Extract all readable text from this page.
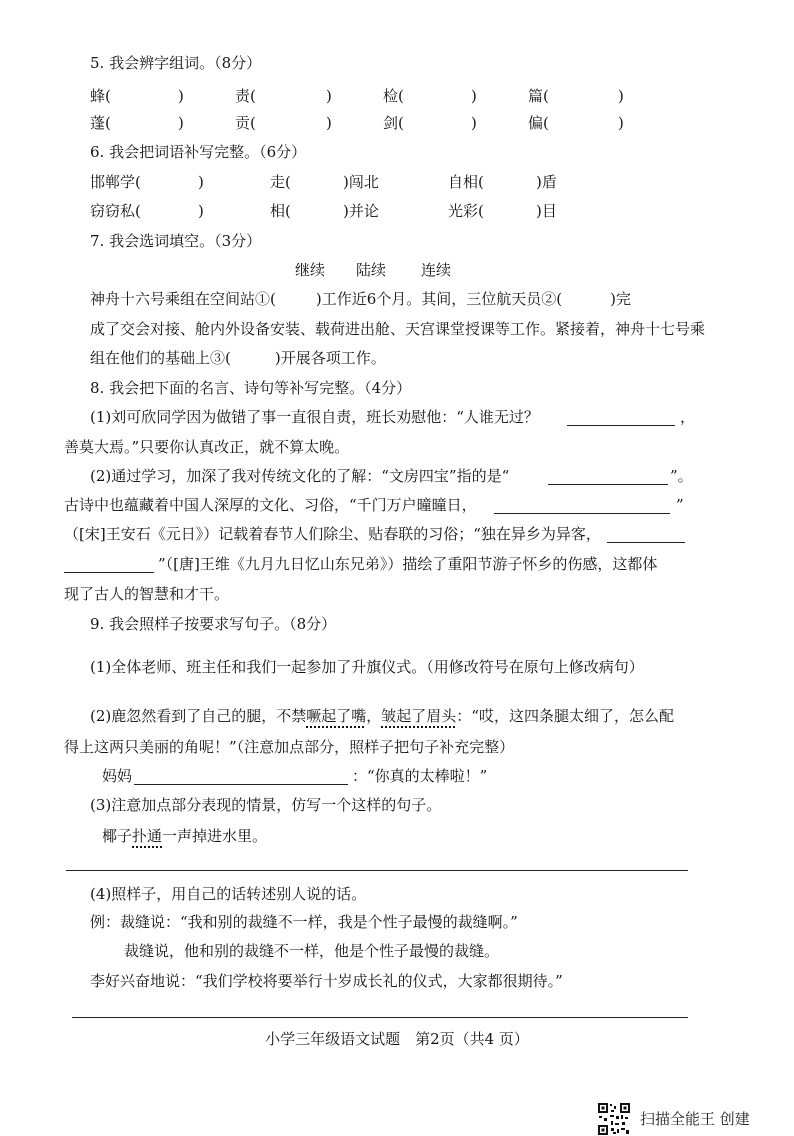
5. 我会辨字组词。（8分）
蜂(	)	责(	)	检(	)	篇(	)
蓬(	)	贡(	)	剑(	)	偏(	)
6. 我会把词语补写完整。（6分）
邯郸学(	)	走(	)闯北	自相(	)盾
窃窃私(	)	相(	)并论	光彩(	)目
7. 我会选词填空。（3分）
继续 陆续 连续
神舟十六号乘组在空间站①(	)工作近6个月。其间，三位航天员②(	)完
成了交会对接、舱内外设备安装、载荷进出舱、天宫课堂授课等工作。紧接着，神舟十七号乘
组在他们的基础上③(	)开展各项工作。
8. 我会把下面的名言、诗句等补写完整。（4分）
(1)刘可欣同学因为做错了事一直很自责，班长劝慰他：“人谁无过？	，
善莫大焉。”只要你认真改正，就不算太晚。
(2)通过学习，加深了我对传统文化的了解：“文房四宝”指的是“	”。
古诗中也蕴藏着中国人深厚的文化、习俗，“千门万户曈曈日，	”
（[宋]王安石《元日》）记载着春节人们除尘、贴春联的习俗；“独在异乡为异客，
”（[唐]王维《九月九日忆山东兄弟》）描绘了重阳节游子怀乡的伤感，这都体
现了古人的智慧和才干。
9. 我会照样子按要求写句子。（8分）
(1)全体老师、班主任和我们一起参加了升旗仪式。（用修改符号在原句上修改病句）
(2)鹿忽然看到了自己的腿，不禁噘起了嘴，皱起了眉头：“哎，这四条腿太细了，怎么配
得上这两只美丽的角呢！”（注意加点部分，照样子把句子补充完整）
妈妈	：“你真的太棒啦！”
(3)注意加点部分表现的情景，仿写一个这样的句子。
椰子扑通一声掉进水里。
(4)照样子，用自己的话转述别人说的话。
例：裁缝说：“我和别的裁缝不一样，我是个性子最慢的裁缝啊。”
裁缝说，他和别的裁缝不一样，他是个性子最慢的裁缝。
李好兴奋地说：“我们学校将要举行十岁成长礼的仪式，大家都很期待。”
小学三年级语文试题　第2页（共4 页）
扫描全能王 创建
